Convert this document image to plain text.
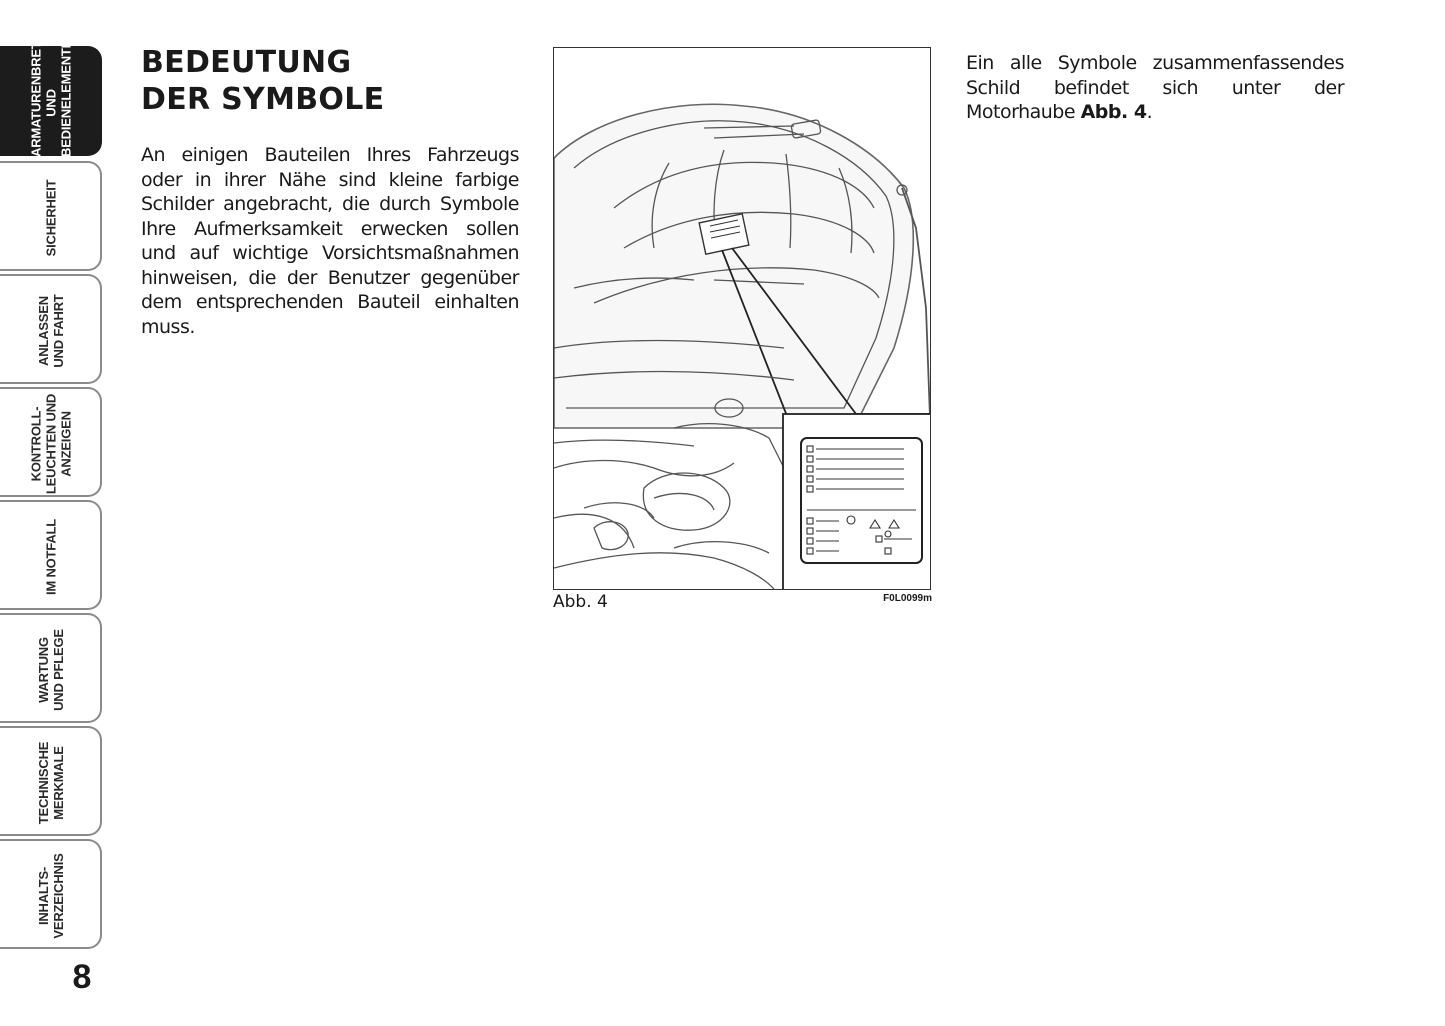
ARMATURENBRETT
UND
BEDIENELEMENTE
SICHERHEIT
ANLASSEN
UND FAHRT
KONTROLL-
LEUCHTEN UND
ANZEIGEN
IM NOTFALL
WARTUNG
UND PFLEGE
TECHNISCHE
MERKMALE
INHALTS-
VERZEICHNIS
8
BEDEUTUNG
DER SYMBOLE

An einigen Bauteilen Ihres Fahrzeugs oder in ihrer Nähe sind kleine farbige Schilder angebracht, die durch Symbole Ihre Aufmerksamkeit erwecken sollen und auf wichtige Vorsichtsmaßnahmen hinweisen, die der Benutzer gegenüber dem entsprechenden Bauteil einhalten muss.

Abb. 4	F0L0099m

Ein alle Symbole zusammenfassendes Schild befindet sich unter der Motorhaube Abb. 4.
